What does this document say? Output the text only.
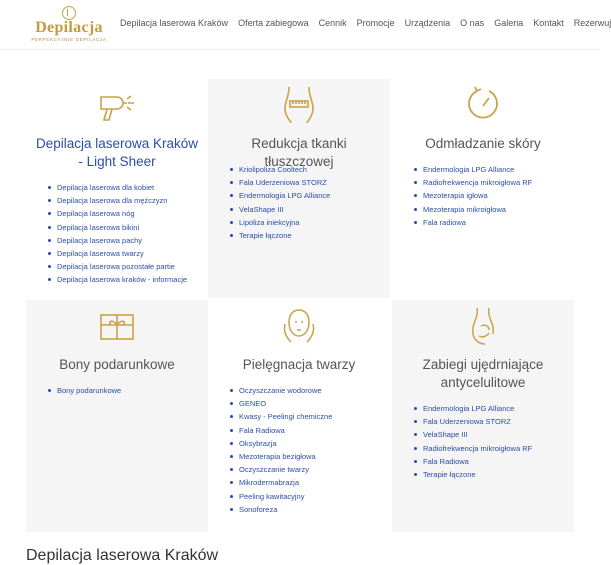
Depilacja
PERFEKCYJNIE DEPILACJA
Depilacja laserowa Kraków Oferta zabiegowa Cennik Promocje Urządzenia O nas Galeria Kontakt Rezerwuj
Depilacja laserowa Kraków - Light Sheer
Depilacja laserowa dla kobiet
Depilacja laserowa dla mężczyzn
Depilacja laserowa nóg
Depilacja laserowa bikini
Depilacja laserowa pachy
Depilacja laserowa twarzy
Depilacja laserowa pozostałe partie
Depilacja laserowa kraków - informacje
Redukcja tkanki tłuszczowej
Kriolipoliza Cooltech
Fala Uderzeniowa STORZ
Endermologia LPG Alliance
VelaShape III
Lipoliza iniekcyjna
Terapie łączone
Odmładzanie skóry
Endermologia LPG Alliance
Radiofrekwencja mikroigłowa RF
Mezoterapia igłowa
Mezoterapia mikroigłowa
Fala radiowa
Bony podarunkowe
Bony podarunkowe
Pielęgnacja twarzy
Oczyszczanie wodorowe
GENEO
Kwasy - Peelingi chemiczne
Fala Radiowa
Oksybrazja
Mezoterapia bezigłowa
Oczyszczanie twarzy
Mikrodermabrazja
Peeling kawitacyjny
Sonoforeza
Zabiegi ujędrniające antycelulitowe
Endermologia LPG Alliance
Fala Uderzeniowa STORZ
VelaShape III
Radiofrekwencja mikroigłowa RF
Fala Radiowa
Terapie łączone
Depilacja laserowa Kraków
